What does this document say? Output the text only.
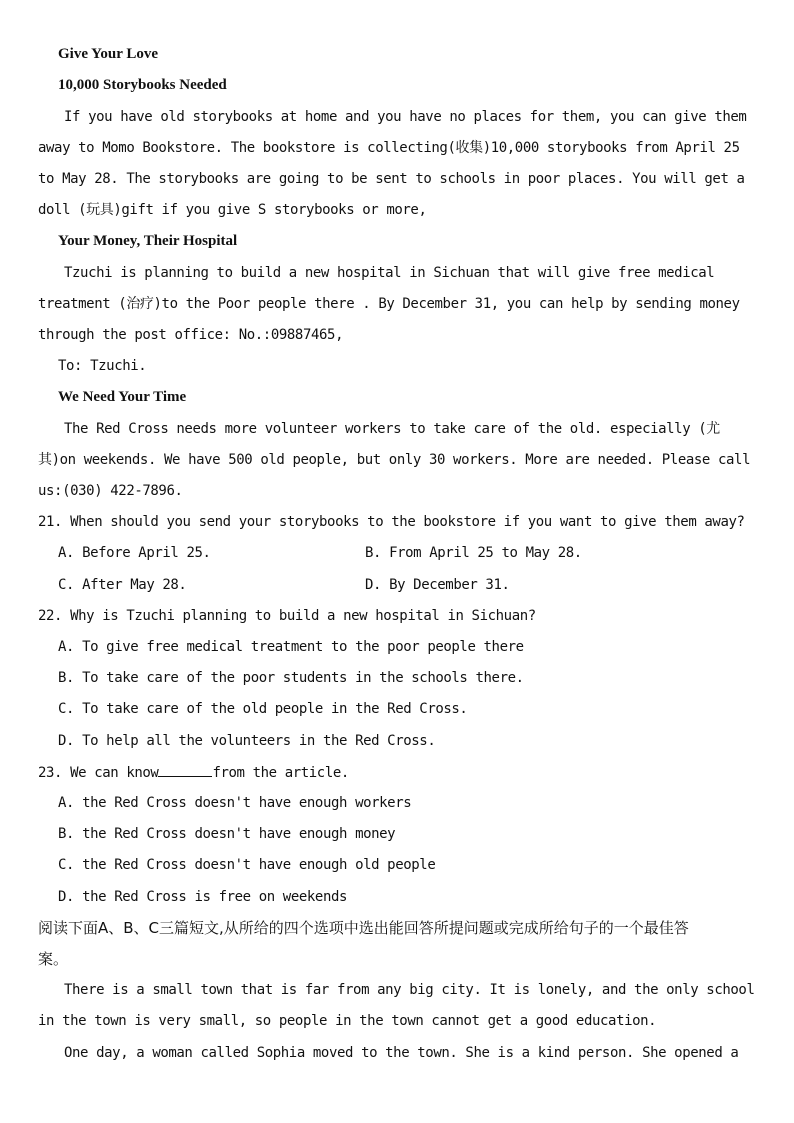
Give Your Love
10,000 Storybooks Needed
If you have old storybooks at home and you have no places for them, you can give them
away to Momo Bookstore. The bookstore is collecting(收集)10,000 storybooks from April 25
to May 28. The storybooks are going to be sent to schools in poor places. You will get a
doll (玩具)gift if you give S storybooks or more,
Your Money, Their Hospital
Tzuchi is planning to build a new hospital in Sichuan that will give free medical
treatment (治疗)to the Poor people there . By December 31, you can help by sending money
through the post office: No.:09887465,
To: Tzuchi.
We Need Your Time
The Red Cross needs more volunteer workers to take care of the old. especially (尤
其)on weekends. We have 500 old people, but only 30 workers. More are needed. Please call
us:(030) 422-7896.
21. When should you send your storybooks to the bookstore if you want to give them away?
A. Before April 25.	B. From April 25 to May 28.
C. After May 28.	D. By December 31.
22. Why is Tzuchi planning to build a new hospital in Sichuan?
A. To give free medical treatment to the poor people there
B. To take care of the poor students in the schools there.
C. To take care of the old people in the Red Cross.
D. To help all the volunteers in the Red Cross.
23. We can know	from the article.
A. the Red Cross doesn't have enough workers
B. the Red Cross doesn't have enough money
C. the Red Cross doesn't have enough old people
D. the Red Cross is free on weekends
阅读下面A、B、C三篇短文,从所给的四个选项中选出能回答所提问题或完成所给句子的一个最佳答
案。
There is a small town that is far from any big city. It is lonely, and the only school
in the town is very small, so people in the town cannot get a good education.
One day, a woman called Sophia moved to the town. She is a kind person. She opened a
